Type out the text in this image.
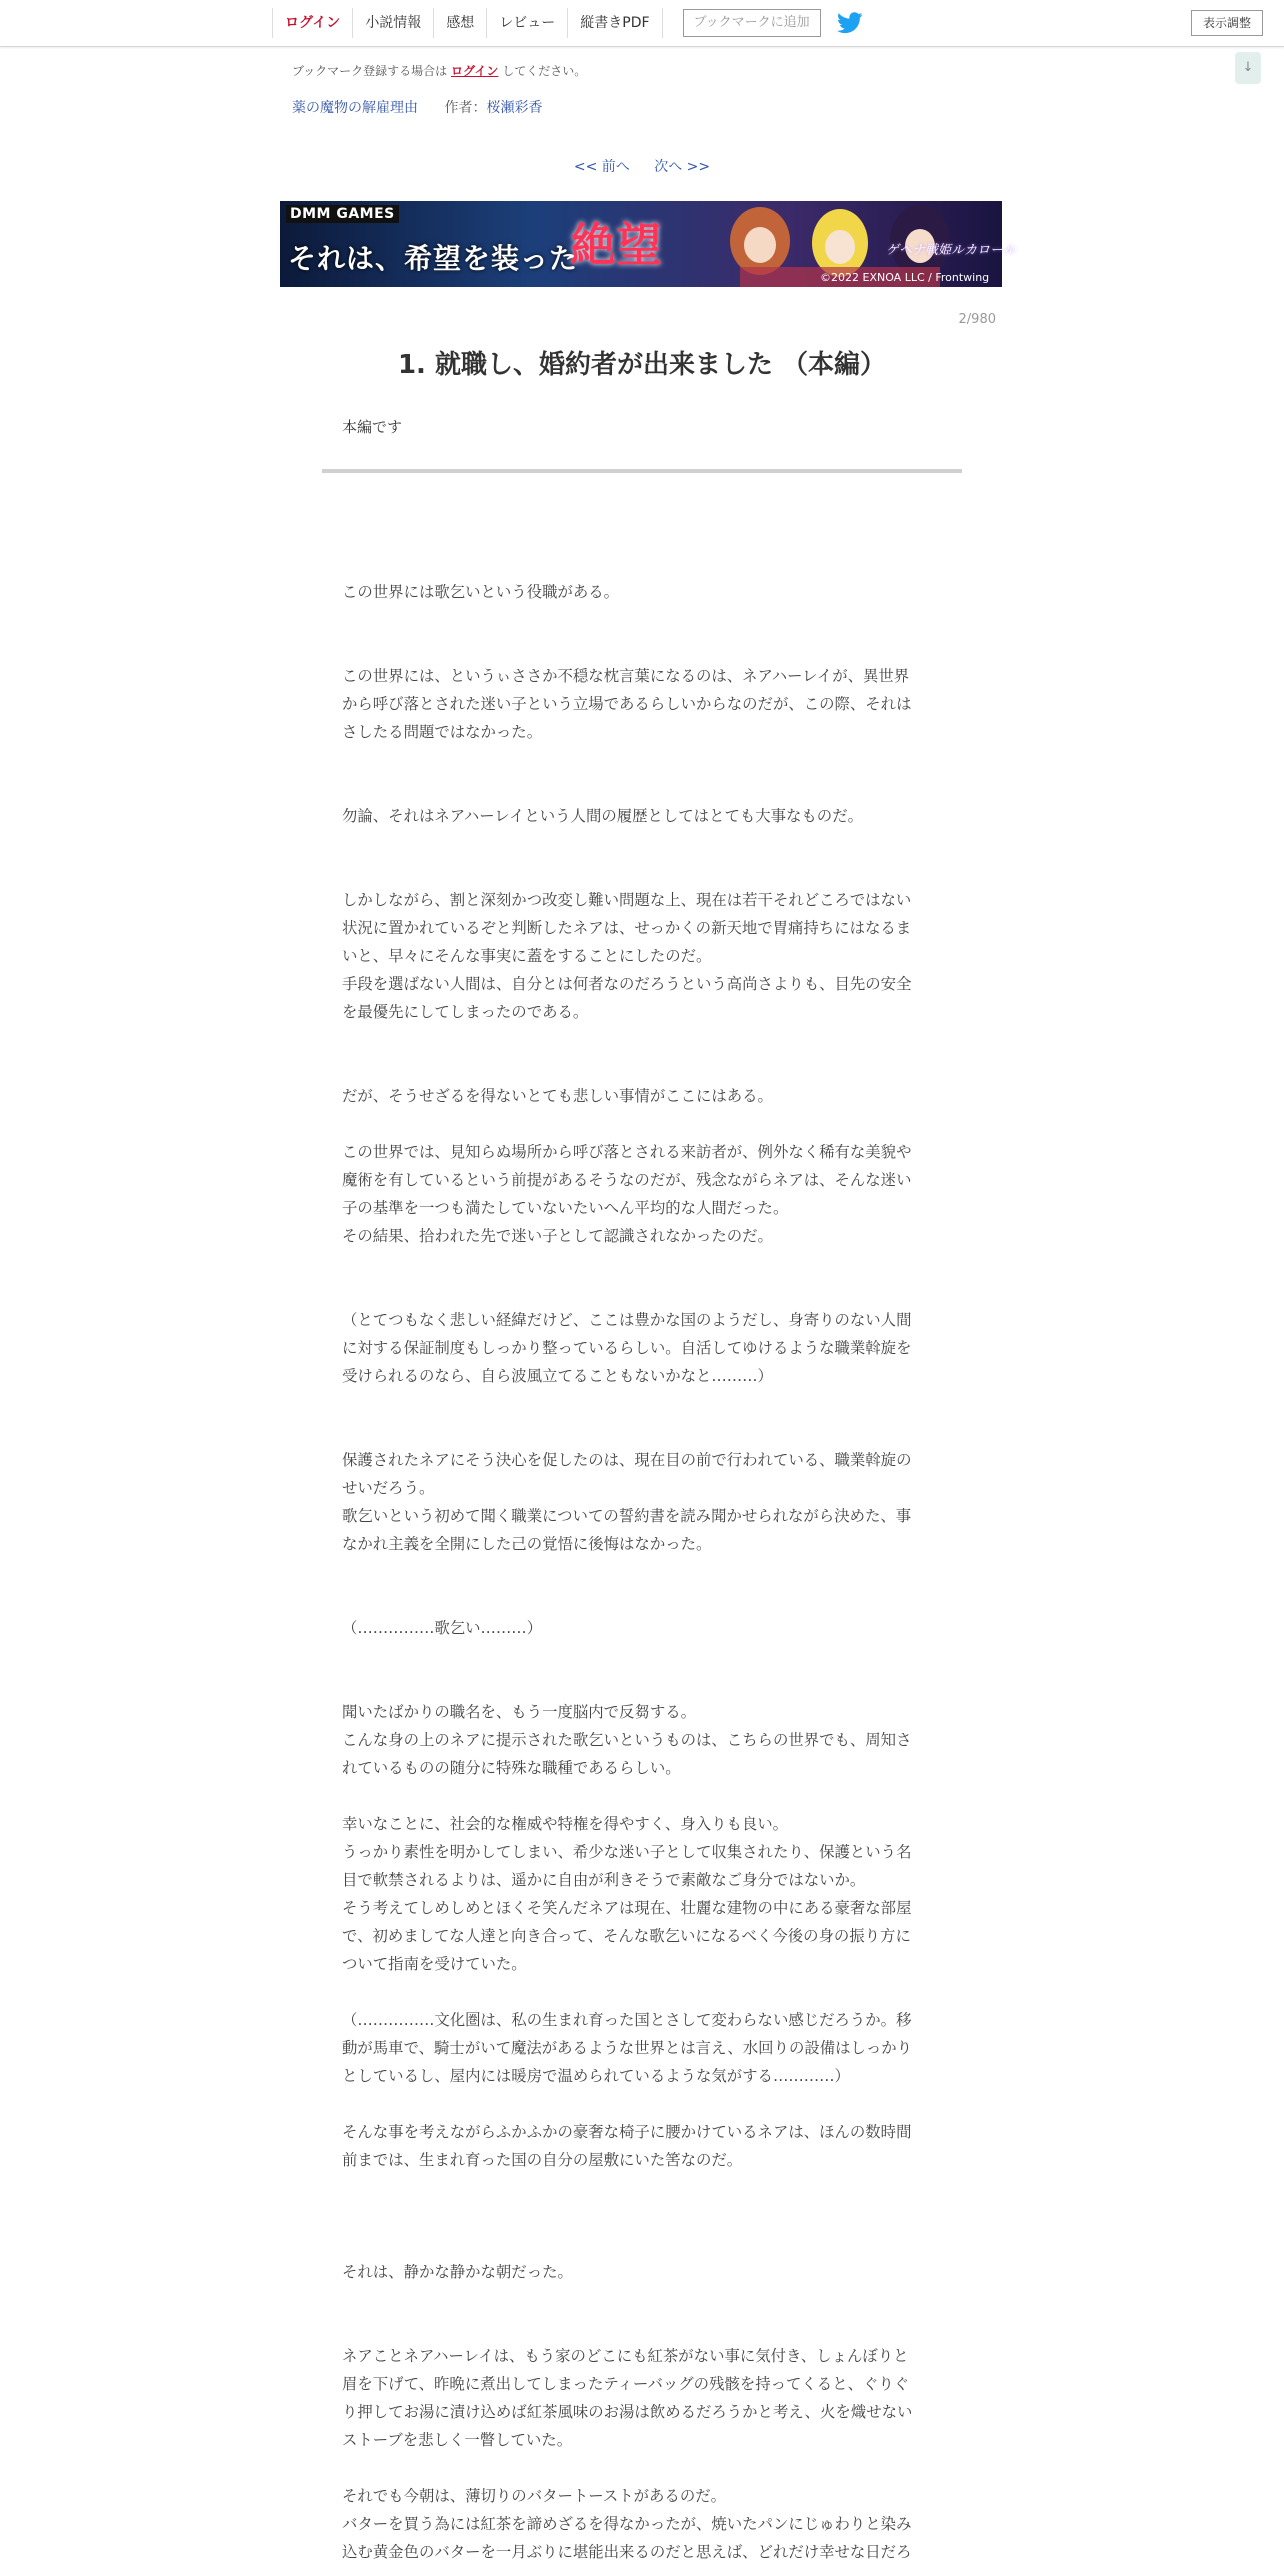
ログイン	小説情報	感想	レビュー	縦書きPDF	ブックマークに追加	表示調整
↓
ブックマーク登録する場合は ログイン してください。
薬の魔物の解雇理由 作者：桜瀬彩香
<< 前へ 次へ >>
DMM GAMES
それは、希望を装った
絶望	ゲヘナ戦姫ルカロール
©2022 EXNOA LLC / Frontwing
2/980
1. 就職し、婚約者が出来ました （本編）
本編です

この世界には歌乞いという役職がある。

この世界には、というぃささか不穏な枕言葉になるのは、ネアハーレイが、異世界

から呼び落とされた迷い子という立場であるらしいからなのだが、この際、それは

さしたる問題ではなかった。

勿論、それはネアハーレイという人間の履歴としてはとても大事なものだ。

しかしながら、割と深刻かつ改変し難い問題な上、現在は若干それどころではない

状況に置かれているぞと判断したネアは、せっかくの新天地で胃痛持ちにはなるま

いと、早々にそんな事実に蓋をすることにしたのだ。

手段を選ばない人間は、自分とは何者なのだろうという高尚さよりも、目先の安全

を最優先にしてしまったのである。

だが、そうせざるを得ないとても悲しい事情がここにはある。

この世界では、見知らぬ場所から呼び落とされる来訪者が、例外なく稀有な美貌や

魔術を有しているという前提があるそうなのだが、残念ながらネアは、そんな迷い

子の基準を一つも満たしていないたいへん平均的な人間だった。

その結果、拾われた先で迷い子として認識されなかったのだ。

（とてつもなく悲しい経緯だけど、ここは豊かな国のようだし、身寄りのない人間

に対する保証制度もしっかり整っているらしい。自活してゆけるような職業斡旋を

受けられるのなら、自ら波風立てることもないかなと………）

保護されたネアにそう決心を促したのは、現在目の前で行われている、職業斡旋の

せいだろう。

歌乞いという初めて聞く職業についての誓約書を読み聞かせられながら決めた、事

なかれ主義を全開にした己の覚悟に後悔はなかった。

（……………歌乞い………）

聞いたばかりの職名を、もう一度脳内で反芻する。

こんな身の上のネアに提示された歌乞いというものは、こちらの世界でも、周知さ

れているものの随分に特殊な職種であるらしい。

幸いなことに、社会的な権威や特権を得やすく、身入りも良い。

うっかり素性を明かしてしまい、希少な迷い子として収集されたり、保護という名

目で軟禁されるよりは、遥かに自由が利きそうで素敵なご身分ではないか。

そう考えてしめしめとほくそ笑んだネアは現在、壮麗な建物の中にある豪奢な部屋

で、初めましてな人達と向き合って、そんな歌乞いになるべく今後の身の振り方に

ついて指南を受けていた。

（……………文化圏は、私の生まれ育った国とさして変わらない感じだろうか。移

動が馬車で、騎士がいて魔法があるような世界とは言え、水回りの設備はしっかり

としているし、屋内には暖房で温められているような気がする…………）

そんな事を考えながらふかふかの豪奢な椅子に腰かけているネアは、ほんの数時間

前までは、生まれ育った国の自分の屋敷にいた筈なのだ。

それは、静かな静かな朝だった。

ネアことネアハーレイは、もう家のどこにも紅茶がない事に気付き、しょんぼりと

眉を下げて、昨晩に煮出してしまったティーバッグの残骸を持ってくると、ぐりぐ

り押してお湯に漬け込めば紅茶風味のお湯は飲めるだろうかと考え、火を熾せない

ストーブを悲しく一瞥していた。

それでも今朝は、薄切りのバタートーストがあるのだ。

バターを買う為には紅茶を諦めざるを得なかったが、焼いたパンにじゅわりと染み

込む黄金色のバターを一月ぶりに堪能出来るのだと思えば、どれだけ幸せな日だろ
